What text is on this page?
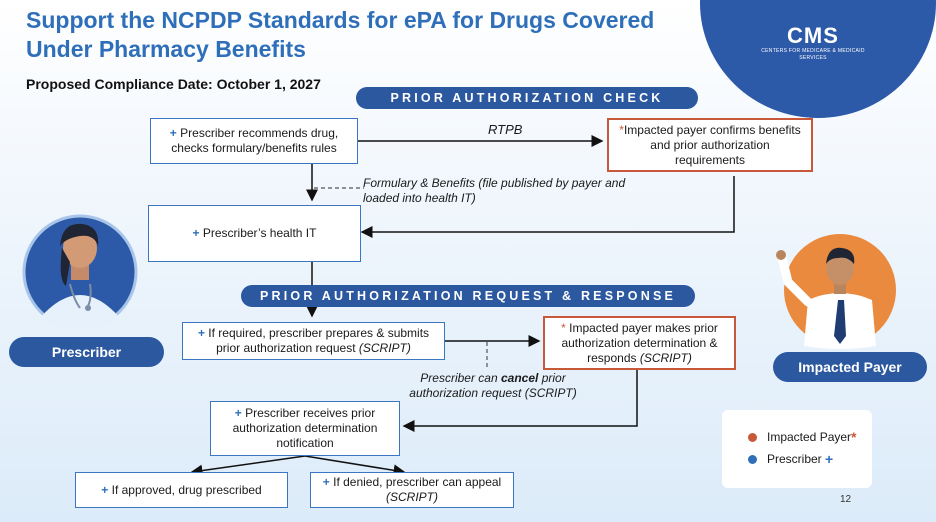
CMS
CENTERS FOR MEDICARE & MEDICAID SERVICES
Support the NCPDP Standards for ePA for Drugs Covered Under Pharmacy Benefits
Proposed Compliance Date: October 1, 2027
PRIOR AUTHORIZATION CHECK
PRIOR AUTHORIZATION REQUEST & RESPONSE
+ Prescriber recommends drug, checks formulary/benefits rules
*Impacted payer confirms benefits and prior authorization requirements
+ Prescriber’s health IT
+ If required, prescriber prepares & submits prior authorization request (SCRIPT)
* Impacted payer makes prior authorization determination & responds (SCRIPT)
+ Prescriber receives prior authorization determination notification
+ If approved, drug prescribed
+ If denied, prescriber can appeal (SCRIPT)
RTPB
Formulary & Benefits (file published by payer and loaded into health IT)
Prescriber can cancel prior authorization request (SCRIPT)
Prescriber
Impacted Payer
Impacted Payer *
Prescriber
+
12
